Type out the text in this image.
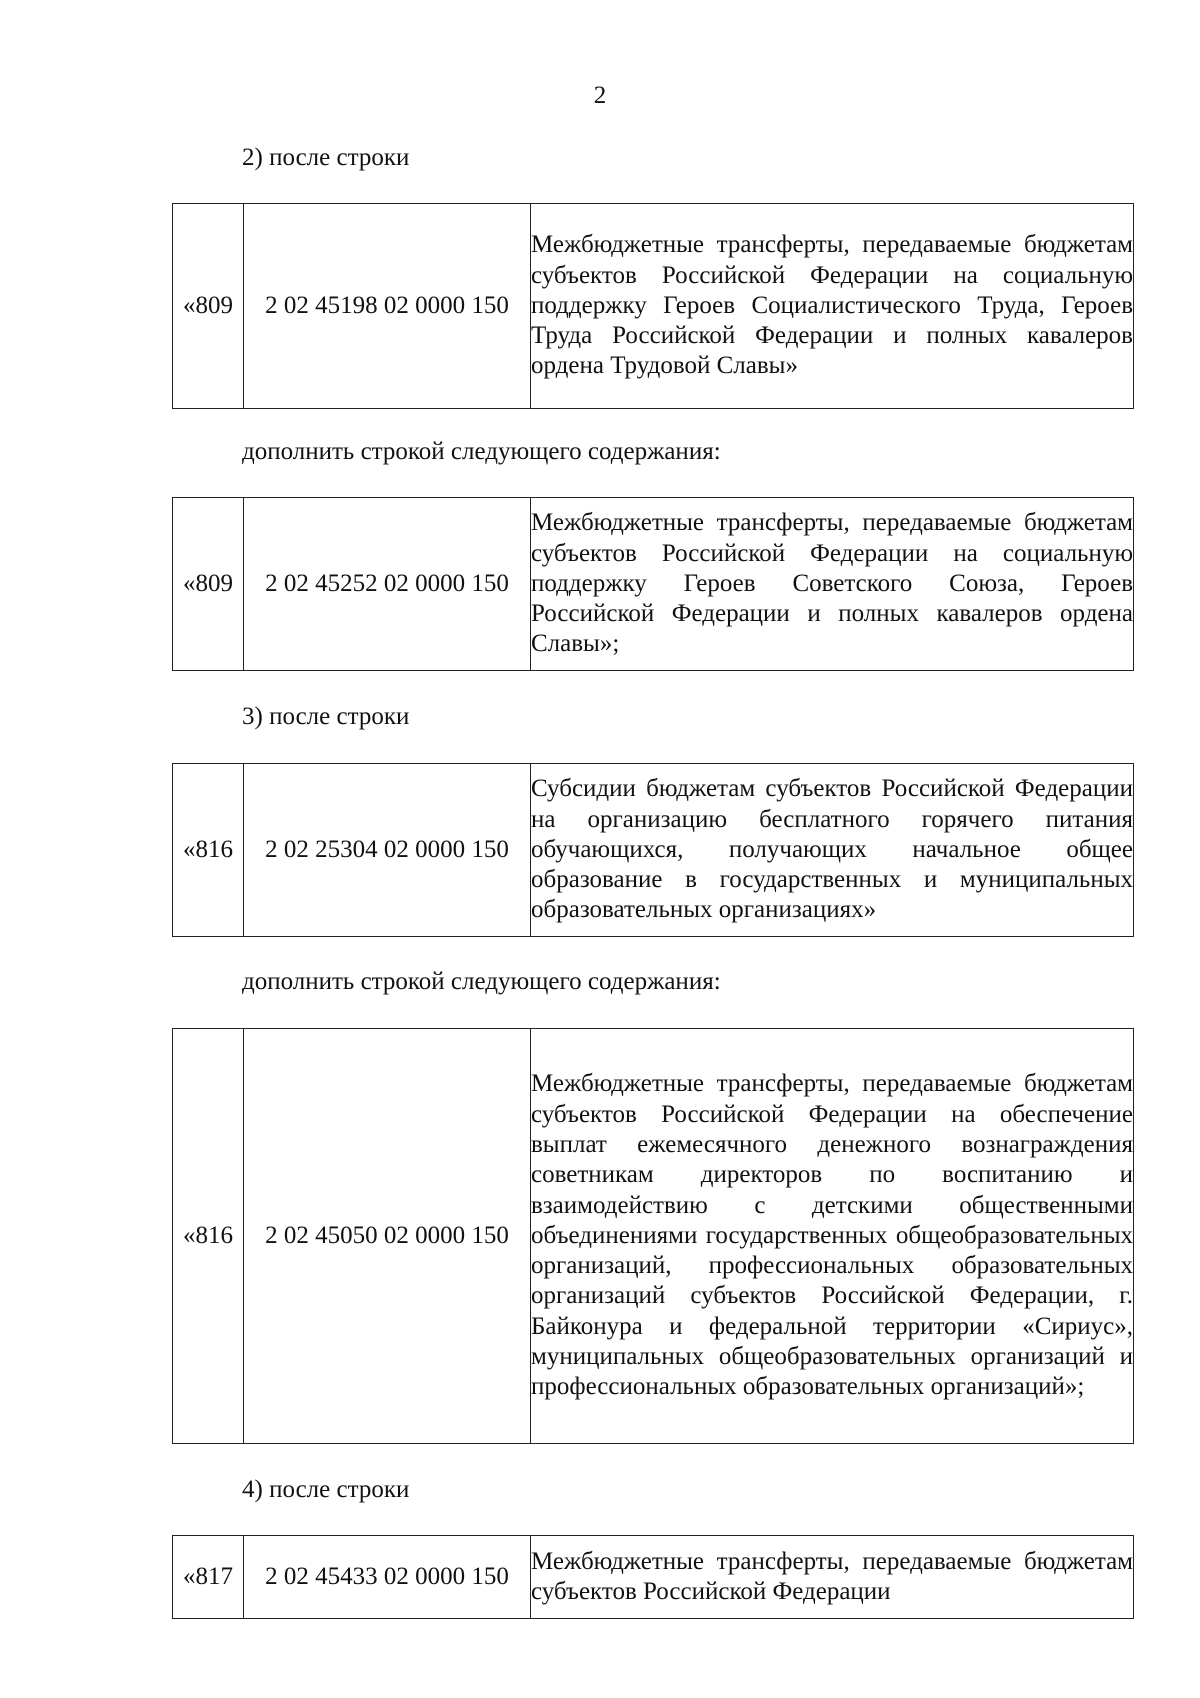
2
2) после строки
«809	2 02 45198 02 0000 150	Межбюджетные трансферты, передаваемые бюджетам субъектов Российской Федерации на социальную поддержку Героев Социалистического Труда, Героев Труда Российской Федерации и полных кавалеров ордена Трудовой Славы»
дополнить строкой следующего содержания:
«809	2 02 45252 02 0000 150	Межбюджетные трансферты, передаваемые бюджетам субъектов Российской Федерации на социальную поддержку Героев Советского Союза, Героев Российской Федерации и полных кавалеров ордена Славы»;
3) после строки
«816	2 02 25304 02 0000 150	Субсидии бюджетам субъектов Российской Федерации на организацию бесплатного горячего питания обучающихся, получающих начальное общее образование в государственных и муниципальных образовательных организациях»
дополнить строкой следующего содержания:
«816	2 02 45050 02 0000 150	Межбюджетные трансферты, передаваемые бюджетам субъектов Российской Федерации на обеспечение выплат ежемесячного денежного вознаграждения советникам директоров по воспитанию и взаимодействию с детскими общественными объединениями государственных общеобразовательных организаций, профессиональных образовательных организаций субъектов Российской Федерации, г. Байконура и федеральной территории «Сириус», муниципальных общеобразовательных организаций и профессиональных образовательных организаций»;
4) после строки
«817	2 02 45433 02 0000 150	Межбюджетные трансферты, передаваемые бюджетам субъектов Российской Федерации
